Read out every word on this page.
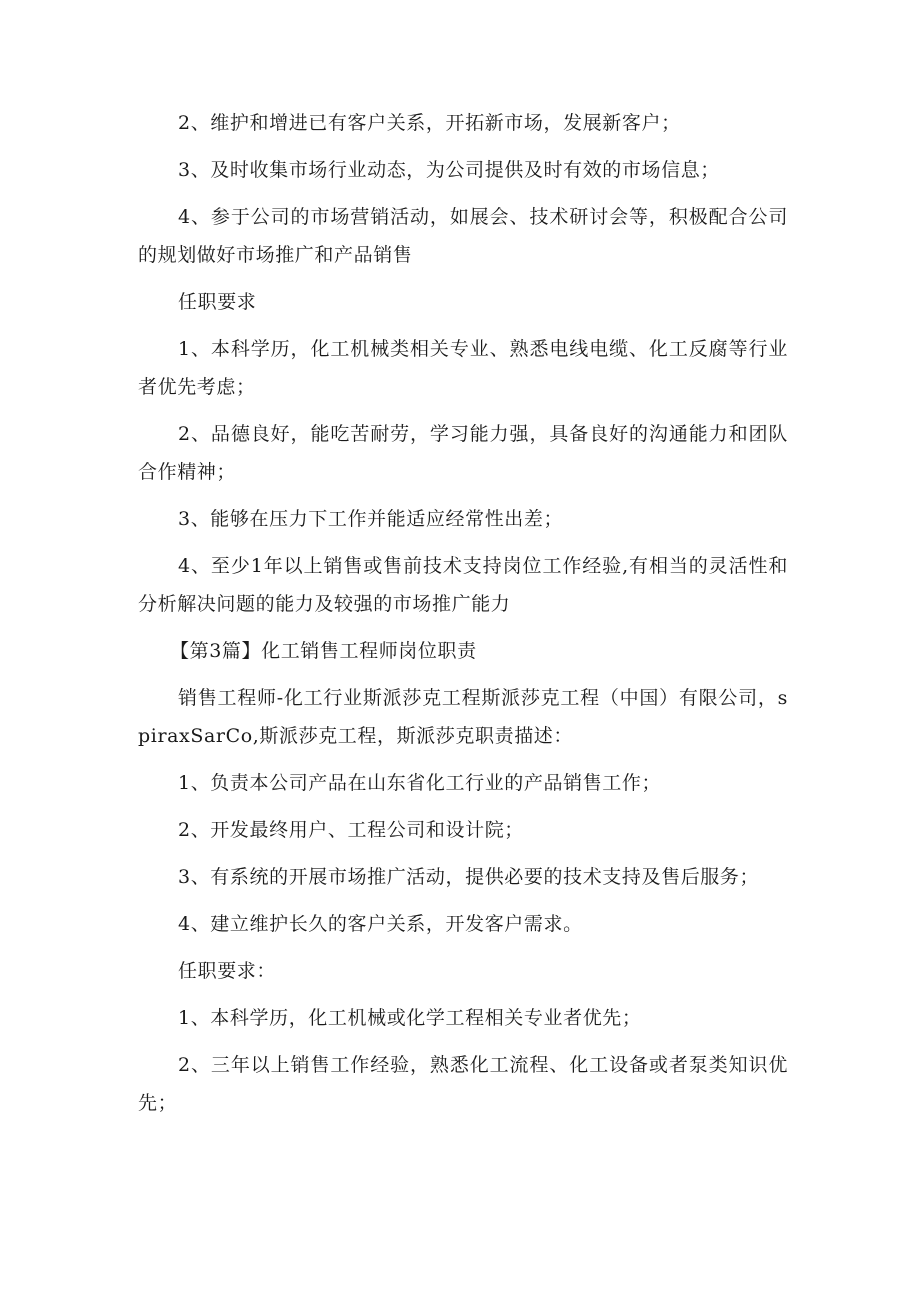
2、维护和增进已有客户关系，开拓新市场，发展新客户；

3、及时收集市场行业动态，为公司提供及时有效的市场信息；

4、参于公司的市场营销活动，如展会、技术研讨会等，积极配合公司的规划做好市场推广和产品销售

任职要求

1、本科学历，化工机械类相关专业、熟悉电线电缆、化工反腐等行业者优先考虑；

2、品德良好，能吃苦耐劳，学习能力强，具备良好的沟通能力和团队合作精神；

3、能够在压力下工作并能适应经常性出差；

4、至少1年以上销售或售前技术支持岗位工作经验,有相当的灵活性和分析解决问题的能力及较强的市场推广能力

【第3篇】化工销售工程师岗位职责

销售工程师-化工行业斯派莎克工程斯派莎克工程（中国）有限公司，spiraxSarCo,斯派莎克工程，斯派莎克职责描述：

1、负责本公司产品在山东省化工行业的产品销售工作；

2、开发最终用户、工程公司和设计院；

3、有系统的开展市场推广活动，提供必要的技术支持及售后服务；

4、建立维护长久的客户关系，开发客户需求。

任职要求：

1、本科学历，化工机械或化学工程相关专业者优先；

2、三年以上销售工作经验，熟悉化工流程、化工设备或者泵类知识优先；
